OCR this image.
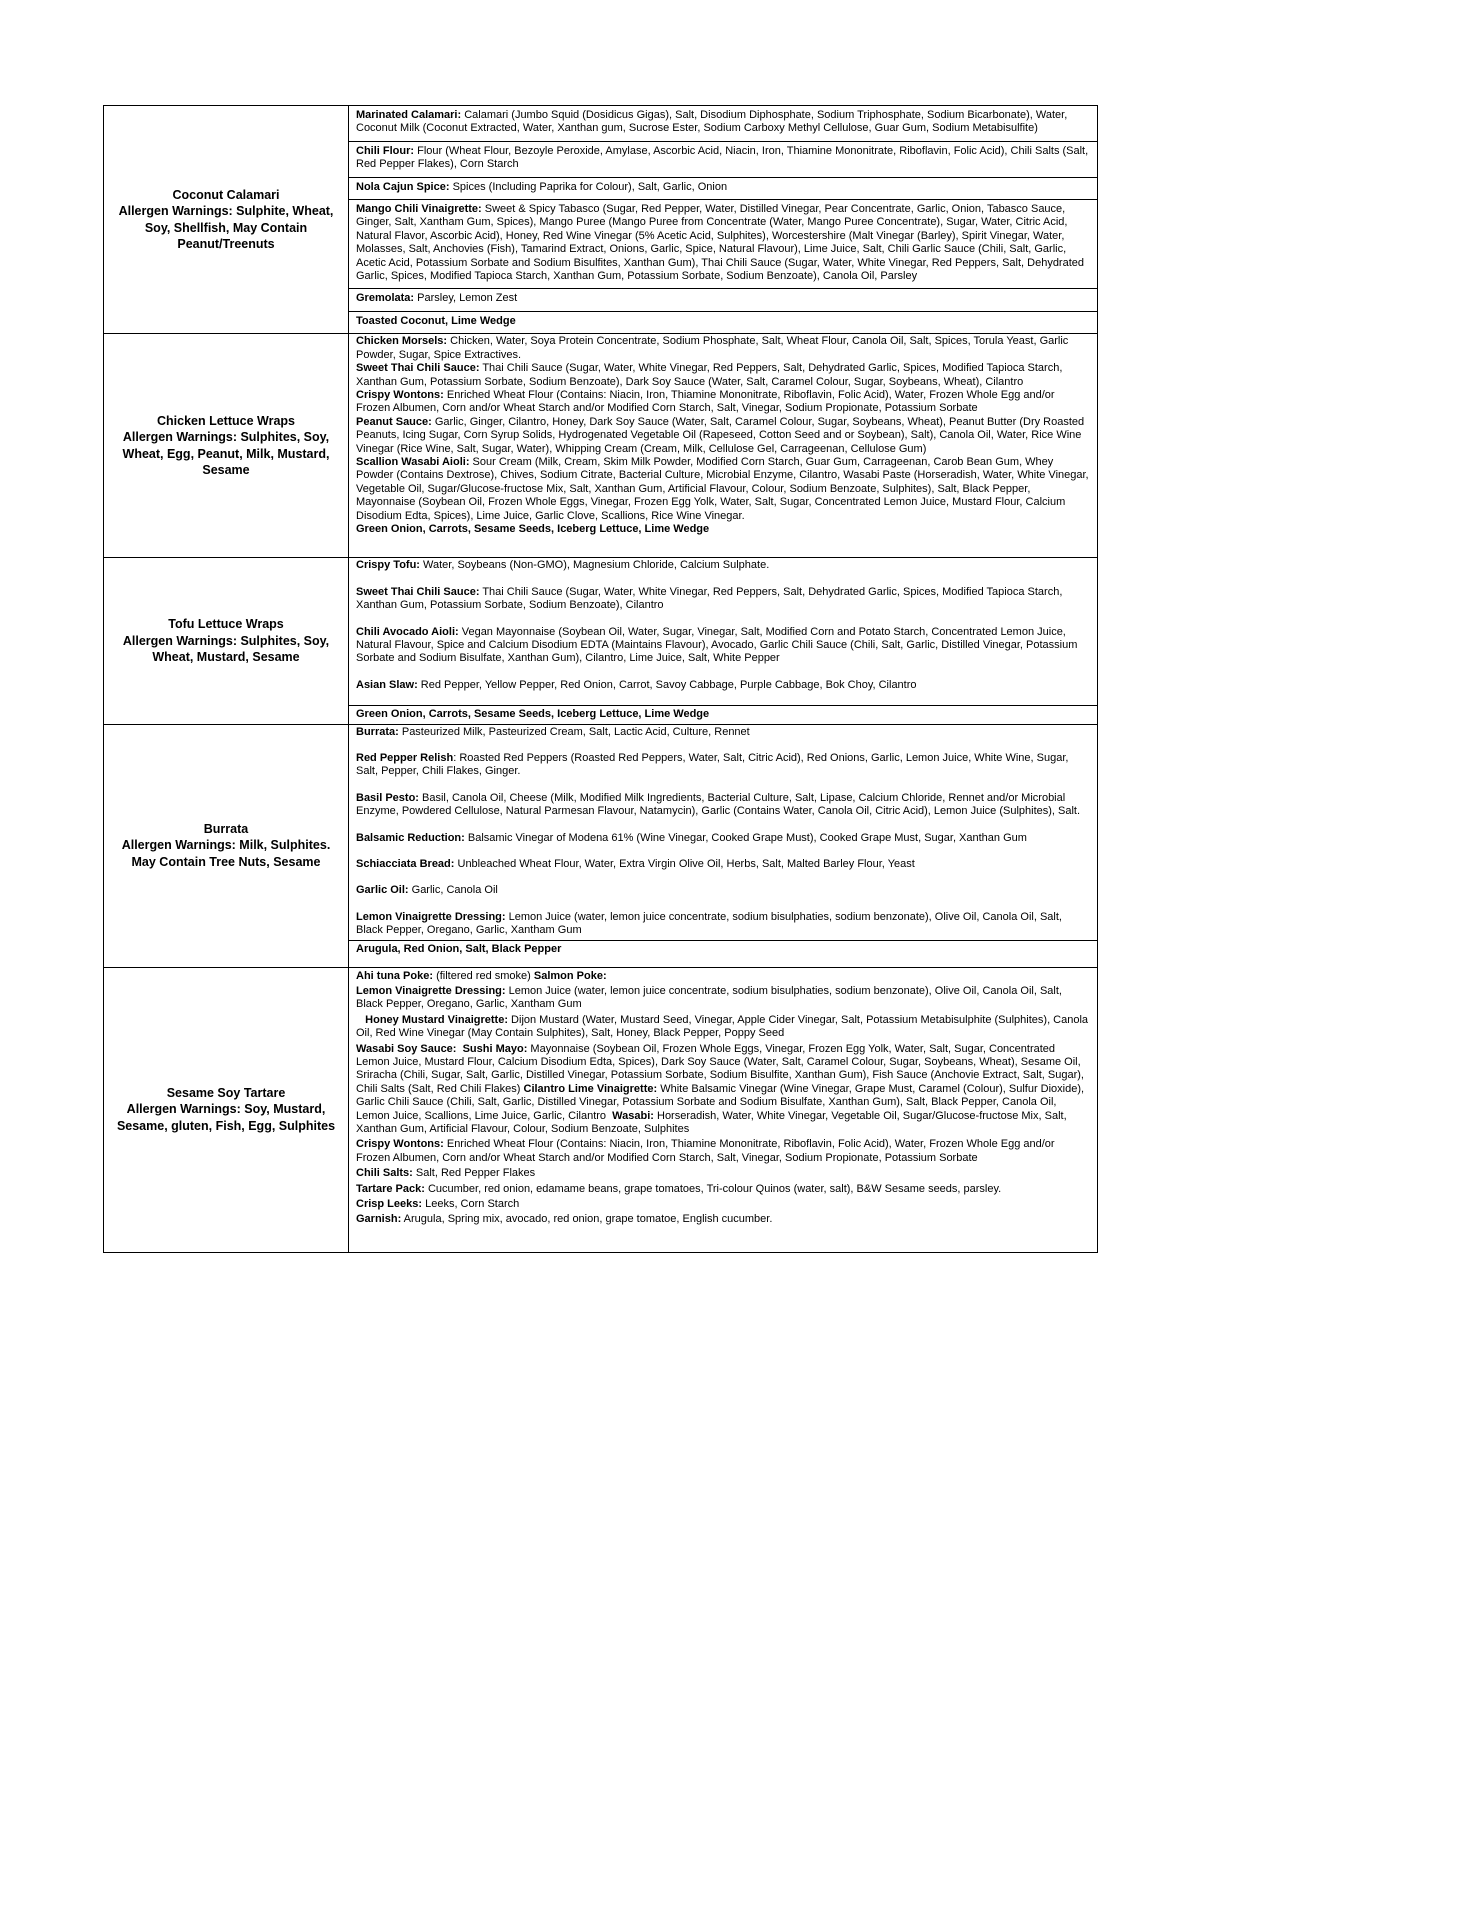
Coconut Calamari
Allergen Warnings: Sulphite, Wheat, Soy, Shellfish, May Contain Peanut/Treenuts

Marinated Calamari: Calamari (Jumbo Squid (Dosidicus Gigas), Salt, Disodium Diphosphate, Sodium Triphosphate, Sodium Bicarbonate), Water, Coconut Milk (Coconut Extracted, Water, Xanthan gum, Sucrose Ester, Sodium Carboxy Methyl Cellulose, Guar Gum, Sodium Metabisulfite)
Chili Flour: Flour (Wheat Flour, Bezoyle Peroxide, Amylase, Ascorbic Acid, Niacin, Iron, Thiamine Mononitrate, Riboflavin, Folic Acid), Chili Salts (Salt, Red Pepper Flakes), Corn Starch
Nola Cajun Spice: Spices (Including Paprika for Colour), Salt, Garlic, Onion
Mango Chili Vinaigrette: Sweet & Spicy Tabasco (Sugar, Red Pepper, Water, Distilled Vinegar, Pear Concentrate, Garlic, Onion, Tabasco Sauce, Ginger, Salt, Xantham Gum, Spices), Mango Puree (Mango Puree from Concentrate (Water, Mango Puree Concentrate), Sugar, Water, Citric Acid, Natural Flavor, Ascorbic Acid), Honey, Red Wine Vinegar (5% Acetic Acid, Sulphites), Worcestershire (Malt Vinegar (Barley), Spirit Vinegar, Water, Molasses, Salt, Anchovies (Fish), Tamarind Extract, Onions, Garlic, Spice, Natural Flavour), Lime Juice, Salt, Chili Garlic Sauce (Chili, Salt, Garlic, Acetic Acid, Potassium Sorbate and Sodium Bisulfites, Xanthan Gum), Thai Chili Sauce (Sugar, Water, White Vinegar, Red Peppers, Salt, Dehydrated Garlic, Spices, Modified Tapioca Starch, Xanthan Gum, Potassium Sorbate, Sodium Benzoate), Canola Oil, Parsley
Gremolata: Parsley, Lemon Zest
Toasted Coconut, Lime Wedge

Chicken Lettuce Wraps
Allergen Warnings: Sulphites, Soy, Wheat, Egg, Peanut, Milk, Mustard, Sesame

Chicken Morsels: Chicken, Water, Soya Protein Concentrate, Sodium Phosphate, Salt, Wheat Flour, Canola Oil, Salt, Spices, Torula Yeast, Garlic Powder, Sugar, Spice Extractives.
Sweet Thai Chili Sauce: Thai Chili Sauce (Sugar, Water, White Vinegar, Red Peppers, Salt, Dehydrated Garlic, Spices, Modified Tapioca Starch, Xanthan Gum, Potassium Sorbate, Sodium Benzoate), Dark Soy Sauce (Water, Salt, Caramel Colour, Sugar, Soybeans, Wheat), Cilantro
Crispy Wontons: Enriched Wheat Flour (Contains: Niacin, Iron, Thiamine Mononitrate, Riboflavin, Folic Acid), Water, Frozen Whole Egg and/or Frozen Albumen, Corn and/or Wheat Starch and/or Modified Corn Starch, Salt, Vinegar, Sodium Propionate, Potassium Sorbate
Peanut Sauce: Garlic, Ginger, Cilantro, Honey, Dark Soy Sauce (Water, Salt, Caramel Colour, Sugar, Soybeans, Wheat), Peanut Butter (Dry Roasted Peanuts, Icing Sugar, Corn Syrup Solids, Hydrogenated Vegetable Oil (Rapeseed, Cotton Seed and or Soybean), Salt), Canola Oil, Water, Rice Wine Vinegar (Rice Wine, Salt, Sugar, Water), Whipping Cream (Cream, Milk, Cellulose Gel, Carrageenan, Cellulose Gum)
Scallion Wasabi Aioli: Sour Cream (Milk, Cream, Skim Milk Powder, Modified Corn Starch, Guar Gum, Carrageenan, Carob Bean Gum, Whey Powder (Contains Dextrose), Chives, Sodium Citrate, Bacterial Culture, Microbial Enzyme, Cilantro, Wasabi Paste (Horseradish, Water, White Vinegar, Vegetable Oil, Sugar/Glucose-fructose Mix, Salt, Xanthan Gum, Artificial Flavour, Colour, Sodium Benzoate, Sulphites), Salt, Black Pepper, Mayonnaise (Soybean Oil, Frozen Whole Eggs, Vinegar, Frozen Egg Yolk, Water, Salt, Sugar, Concentrated Lemon Juice, Mustard Flour, Calcium Disodium Edta, Spices), Lime Juice, Garlic Clove, Scallions, Rice Wine Vinegar.
Green Onion, Carrots, Sesame Seeds, Iceberg Lettuce, Lime Wedge

Tofu Lettuce Wraps
Allergen Warnings: Sulphites, Soy, Wheat, Mustard, Sesame

Crispy Tofu: Water, Soybeans (Non-GMO), Magnesium Chloride, Calcium Sulphate.
Sweet Thai Chili Sauce: Thai Chili Sauce (Sugar, Water, White Vinegar, Red Peppers, Salt, Dehydrated Garlic, Spices, Modified Tapioca Starch, Xanthan Gum, Potassium Sorbate, Sodium Benzoate), Cilantro
Chili Avocado Aioli: Vegan Mayonnaise (Soybean Oil, Water, Sugar, Vinegar, Salt, Modified Corn and Potato Starch, Concentrated Lemon Juice, Natural Flavour, Spice and Calcium Disodium EDTA (Maintains Flavour), Avocado, Garlic Chili Sauce (Chili, Salt, Garlic, Distilled Vinegar, Potassium Sorbate and Sodium Bisulfate, Xanthan Gum), Cilantro, Lime Juice, Salt, White Pepper
Asian Slaw: Red Pepper, Yellow Pepper, Red Onion, Carrot, Savoy Cabbage, Purple Cabbage, Bok Choy, Cilantro
Green Onion, Carrots, Sesame Seeds, Iceberg Lettuce, Lime Wedge

Burrata
Allergen Warnings: Milk, Sulphites. May Contain Tree Nuts, Sesame

Burrata: Pasteurized Milk, Pasteurized Cream, Salt, Lactic Acid, Culture, Rennet
Red Pepper Relish: Roasted Red Peppers (Roasted Red Peppers, Water, Salt, Citric Acid), Red Onions, Garlic, Lemon Juice, White Wine, Sugar, Salt, Pepper, Chili Flakes, Ginger.
Basil Pesto: Basil, Canola Oil, Cheese (Milk, Modified Milk Ingredients, Bacterial Culture, Salt, Lipase, Calcium Chloride, Rennet and/or Microbial Enzyme, Powdered Cellulose, Natural Parmesan Flavour, Natamycin), Garlic (Contains Water, Canola Oil, Citric Acid), Lemon Juice (Sulphites), Salt.
Balsamic Reduction: Balsamic Vinegar of Modena 61% (Wine Vinegar, Cooked Grape Must), Cooked Grape Must, Sugar, Xanthan Gum
Schiacciata Bread: Unbleached Wheat Flour, Water, Extra Virgin Olive Oil, Herbs, Salt, Malted Barley Flour, Yeast
Garlic Oil: Garlic, Canola Oil
Lemon Vinaigrette Dressing: Lemon Juice (water, lemon juice concentrate, sodium bisulphaties, sodium benzonate), Olive Oil, Canola Oil, Salt, Black Pepper, Oregano, Garlic, Xantham Gum
Arugula, Red Onion, Salt, Black Pepper

Sesame Soy Tartare
Allergen Warnings: Soy, Mustard, Sesame, gluten, Fish, Egg, Sulphites

Ahi tuna Poke: (filtered red smoke) Salmon Poke:
Lemon Vinaigrette Dressing: Lemon Juice (water, lemon juice concentrate, sodium bisulphaties, sodium benzonate), Olive Oil, Canola Oil, Salt, Black Pepper, Oregano, Garlic, Xantham Gum
Honey Mustard Vinaigrette: Dijon Mustard (Water, Mustard Seed, Vinegar, Apple Cider Vinegar, Salt, Potassium Metabisulphite (Sulphites), Canola Oil, Red Wine Vinegar (May Contain Sulphites), Salt, Honey, Black Pepper, Poppy Seed
Wasabi Soy Sauce:  Sushi Mayo: Mayonnaise (Soybean Oil, Frozen Whole Eggs, Vinegar, Frozen Egg Yolk, Water, Salt, Sugar, Concentrated Lemon Juice, Mustard Flour, Calcium Disodium Edta, Spices), Dark Soy Sauce (Water, Salt, Caramel Colour, Sugar, Soybeans, Wheat), Sesame Oil, Sriracha (Chili, Sugar, Salt, Garlic, Distilled Vinegar, Potassium Sorbate, Sodium Bisulfite, Xanthan Gum), Fish Sauce (Anchovie Extract, Salt, Sugar), Chili Salts (Salt, Red Chili Flakes) Cilantro Lime Vinaigrette: White Balsamic Vinegar (Wine Vinegar, Grape Must, Caramel (Colour), Sulfur Dioxide), Garlic Chili Sauce (Chili, Salt, Garlic, Distilled Vinegar, Potassium Sorbate and Sodium Bisulfate, Xanthan Gum), Salt, Black Pepper, Canola Oil, Lemon Juice, Scallions, Lime Juice, Garlic, Cilantro  Wasabi: Horseradish, Water, White Vinegar, Vegetable Oil, Sugar/Glucose-fructose Mix, Salt, Xanthan Gum, Artificial Flavour, Colour, Sodium Benzoate, Sulphites
Crispy Wontons: Enriched Wheat Flour (Contains: Niacin, Iron, Thiamine Mononitrate, Riboflavin, Folic Acid), Water, Frozen Whole Egg and/or Frozen Albumen, Corn and/or Wheat Starch and/or Modified Corn Starch, Salt, Vinegar, Sodium Propionate, Potassium Sorbate
Chili Salts: Salt, Red Pepper Flakes
Tartare Pack: Cucumber, red onion, edamame beans, grape tomatoes, Tri-colour Quinos (water, salt), B&W Sesame seeds, parsley.
Crisp Leeks: Leeks, Corn Starch
Garnish: Arugula, Spring mix, avocado, red onion, grape tomatoe, English cucumber.
